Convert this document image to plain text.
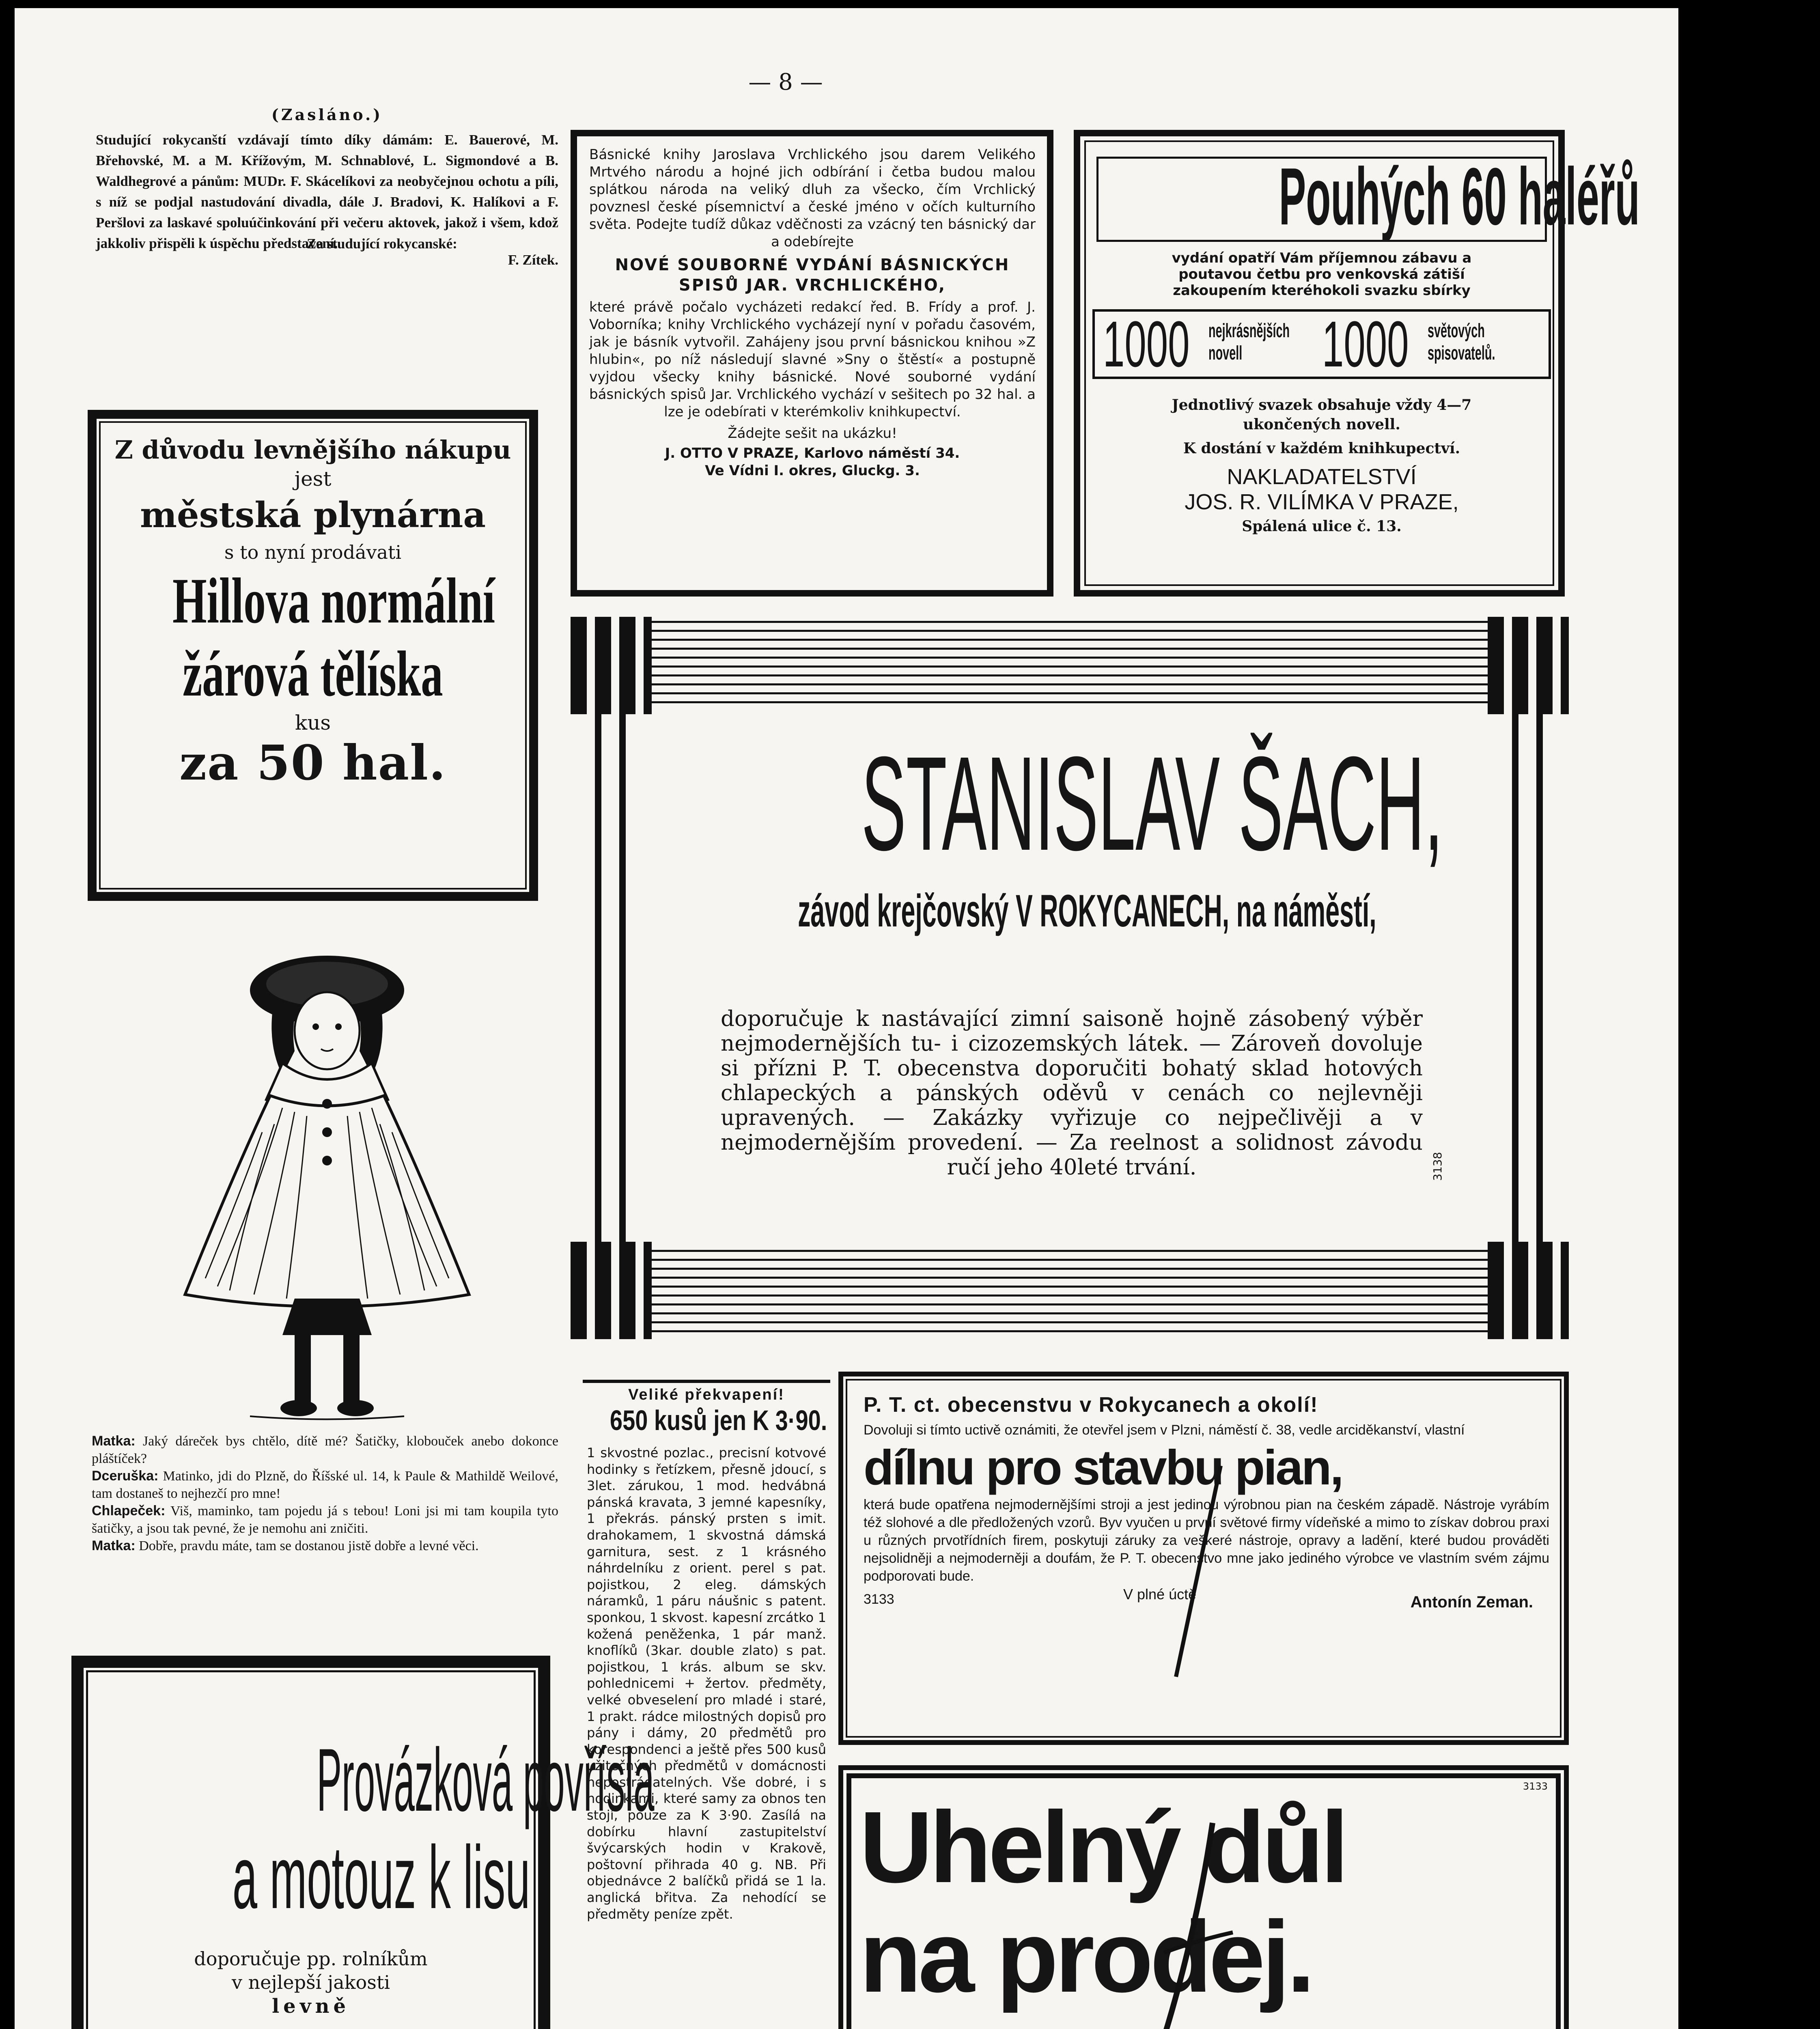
— 8 —

(Zasláno.)

Studující rokycanští vzdávají tímto díky dámám: E. Bauerové, M. Břehovské, M. a M. Křížovým, M. Schnablové, L. Sigmondové a B. Waldhegrové a pánům: MUDr. F. Skácelíkovi za neobyčejnou ochotu a píli, s níž se podjal nastudování divadla, dále J. Bradovi, K. Halíkovi a F. Peršlovi za laskavé spoluúčinkování při večeru aktovek, jakož i všem, kdož jakkoliv přispěli k úspěchu představení.

Za studující rokycanské:

F. Zítek.

Z důvodu levnějšího nákupu

jest

městská plynárna

s to nyní prodávati

Hillova normální
žárová tělíska

kus

za 50 hal.

Matka: Jaký dáreček bys chtělo, dítě mé? Šatičky, klobouček anebo dokonce pláštíček?

Dceruška: Matinko, jdi do Plzně, do Říšské ul. 14, k Paule & Mathildě Weilové, tam dostaneš to nejhezčí pro mne!

Chlapeček: Viš, maminko, tam pojedu já s tebou! Loni jsi mi tam koupila tyto šatičky, a jsou tak pevné, že je nemohu ani zničiti.

Matka: Dobře, pravdu máte, tam se dostanou jistě dobře a levné věci.

Provázková povřísla
a motouz k lisu

doporučuje pp. rolníkům

v nejlepší jakosti

levně

Básnické knihy Jaroslava Vrchlického jsou darem Velikého Mrtvého národu a hojné jich odbírání i četba budou malou splátkou národa na veliký dluh za všecko, čím Vrchlický povznesl české písemnictví a české jméno v očích kulturního světa. Podejte tudíž důkaz vděčnosti za vzácný ten básnický dar a odebírejte

NOVÉ SOUBORNÉ VYDÁNÍ BÁSNICKÝCH SPISŮ JAR. VRCHLICKÉHO,

které právě počalo vycházeti redakcí řed. B. Frídy a prof. J. Voborníka; knihy Vrchlického vycházejí nyní v pořadu časovém, jak je básník vytvořil. Zahájeny jsou první básnickou knihou »Z hlubin«, po níž následují slavné »Sny o štěstí« a postupně vyjdou všecky knihy básnické. Nové souborné vydání básnických spisů Jar. Vrchlického vychází v sešitech po 32 hal. a lze je odebírati v kterémkoliv knihkupectví.

Žádejte sešit na ukázku!

J. OTTO V PRAZE, Karlovo náměstí 34.

Ve Vídni I. okres, Gluckg. 3.

Pouhých 60 haléřů

vydání opatří Vám příjemnou zábavu a poutavou četbu pro venkovská zátiší zakoupením kteréhokoli svazku sbírky

1000 nejkrásnějších

novell	1000 světových

spisovatelů.

Jednotlivý svazek obsahuje vždy 4—7 ukončených novell.

K dostání v každém knihkupectví.

NAKLADATELSTVÍ

JOS. R. VILÍMKA V PRAZE,

Spálená ulice č. 13.

STANISLAV ŠACH,
závod krejčovský V ROKYCANECH, na náměstí,

doporučuje k nastávající zimní saisoně hojně zásobený výběr nejmodernějších tu- i cizozemských látek. — Zároveň dovoluje si přízni P. T. obecenstva doporučiti bohatý sklad hotových chlapeckých a pánských oděvů v cenách co nejlevněji upravených. — Zakázky vyřizuje co nejpečlivěji a v nejmodernějším provedení. — Za reelnost a solidnost závodu ručí jeho 40leté trvání.	3138

Veliké překvapení!

650 kusů jen K 3·90.

1 skvostné pozlac., precisní kotvové hodinky s řetízkem, přesně jdoucí, s 3let. zárukou, 1 mod. hedvábná pánská kravata, 3 jemné kapesníky, 1 překrás. pánský prsten s imit. drahokamem, 1 skvostná dámská garnitura, sest. z 1 krásného náhrdelníku z orient. perel s pat. pojistkou, 2 eleg. dámských náramků, 1 páru náušnic s patent. sponkou, 1 skvost. kapesní zrcátko 1 kožená peněženka, 1 pár manž. knoflíků (3kar. double zlato) s pat. pojistkou, 1 krás. album se skv. pohlednicemi + žertov. předměty, velké obveselení pro mladé i staré, 1 prakt. rádce milostných dopisů pro pány i dámy, 20 předmětů pro korespondenci a ještě přes 500 kusů užitečných předmětů v domácnosti nepostrádatelných. Vše dobré, i s hodinkami, které samy za obnos ten stojí, pouze za K 3·90. Zasílá na dobírku hlavní zastupitelství švýcarských hodin v Krakově, poštovní přihrada 40 g. NB. Při objednávce 2 balíčků přidá se 1 la. anglická břitva. Za nehodící se předměty peníze zpět.

P. T. ct. obecenstvu v Rokycanech a okolí!

Dovoluji si tímto uctivě oznámiti, že otevřel jsem v Plzni, náměstí č. 38, vedle arciděkanství, vlastní

dílnu pro stavbu pian,

která bude opatřena nejmodernějšími stroji a jest jedinou výrobnou pian na českém západě. Nástroje vyrábím též slohové a dle předložených vzorů. Byv vyučen u první světové firmy vídeňské a mimo to získav dobrou praxi u různých prvotřídních firem, poskytuji záruky za veškeré nástroje, opravy a ladění, které budou prováděti nejsolidněji a nejmoderněji a doufám, že P. T. obecenstvo mne jako jediného výrobce ve vlastním svém zájmu podporovati bude.

3133	V plné úctě	Antonín Zeman.
3133

Uhelný důl

na prodej.
